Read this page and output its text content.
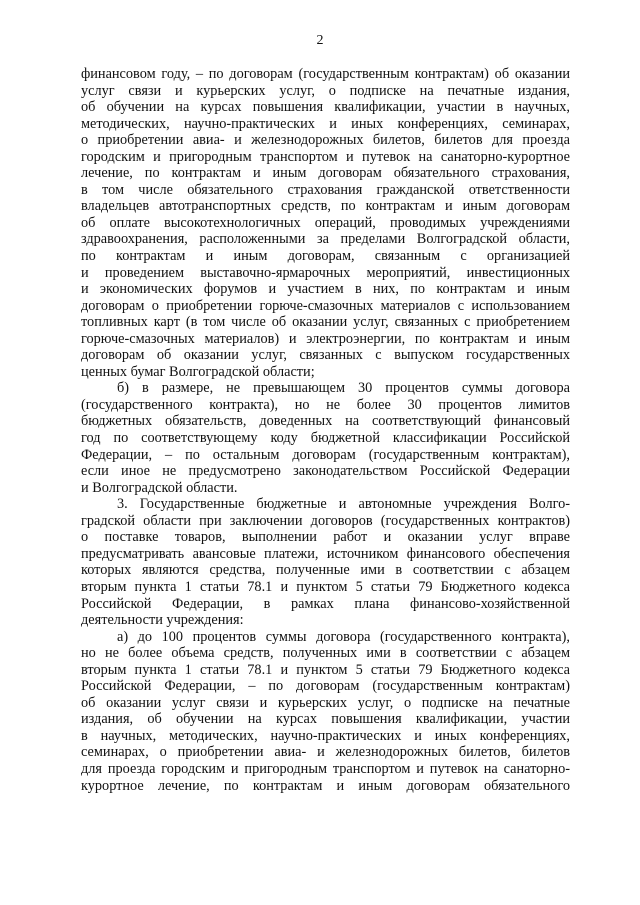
2
финансовом году, – по договорам (государственным контрактам) об оказании
услуг связи и курьерских услуг, о подписке на печатные издания,
об обучении на курсах повышения квалификации, участии в научных,
методических, научно-практических и иных конференциях, семинарах,
о приобретении авиа- и железнодорожных билетов, билетов для проезда
городским и пригородным транспортом и путевок на санаторно-курортное
лечение, по контрактам и иным договорам обязательного страхования,
в том числе обязательного страхования гражданской ответственности
владельцев автотранспортных средств, по контрактам и иным договорам
об оплате высокотехнологичных операций, проводимых учреждениями
здравоохранения, расположенными за пределами Волгоградской области,
по контрактам и иным договорам, связанным с организацией
и проведением выставочно-ярмарочных мероприятий, инвестиционных
и экономических форумов и участием в них, по контрактам и иным
договорам о приобретении горюче-смазочных материалов с использованием
топливных карт (в том числе об оказании услуг, связанных с приобретением
горюче-смазочных материалов) и электроэнергии, по контрактам и иным
договорам об оказании услуг, связанных с выпуском государственных
ценных бумаг Волгоградской области;
б) в размере, не превышающем 30 процентов суммы договора
(государственного контракта), но не более 30 процентов лимитов
бюджетных обязательств, доведенных на соответствующий финансовый
год по соответствующему коду бюджетной классификации Российской
Федерации, – по остальным договорам (государственным контрактам),
если иное не предусмотрено законодательством Российской Федерации
и Волгоградской области.
3. Государственные бюджетные и автономные учреждения Волго-
градской области при заключении договоров (государственных контрактов)
о поставке товаров, выполнении работ и оказании услуг вправе
предусматривать авансовые платежи, источником финансового обеспечения
которых являются средства, полученные ими в соответствии с абзацем
вторым пункта 1 статьи 78.1 и пунктом 5 статьи 79 Бюджетного кодекса
Российской Федерации, в рамках плана финансово-хозяйственной
деятельности учреждения:
а) до 100 процентов суммы договора (государственного контракта),
но не более объема средств, полученных ими в соответствии с абзацем
вторым пункта 1 статьи 78.1 и пунктом 5 статьи 79 Бюджетного кодекса
Российской Федерации, – по договорам (государственным контрактам)
об оказании услуг связи и курьерских услуг, о подписке на печатные
издания, об обучении на курсах повышения квалификации, участии
в научных, методических, научно-практических и иных конференциях,
семинарах, о приобретении авиа- и железнодорожных билетов, билетов
для проезда городским и пригородным транспортом и путевок на санаторно-
курортное лечение, по контрактам и иным договорам обязательного
